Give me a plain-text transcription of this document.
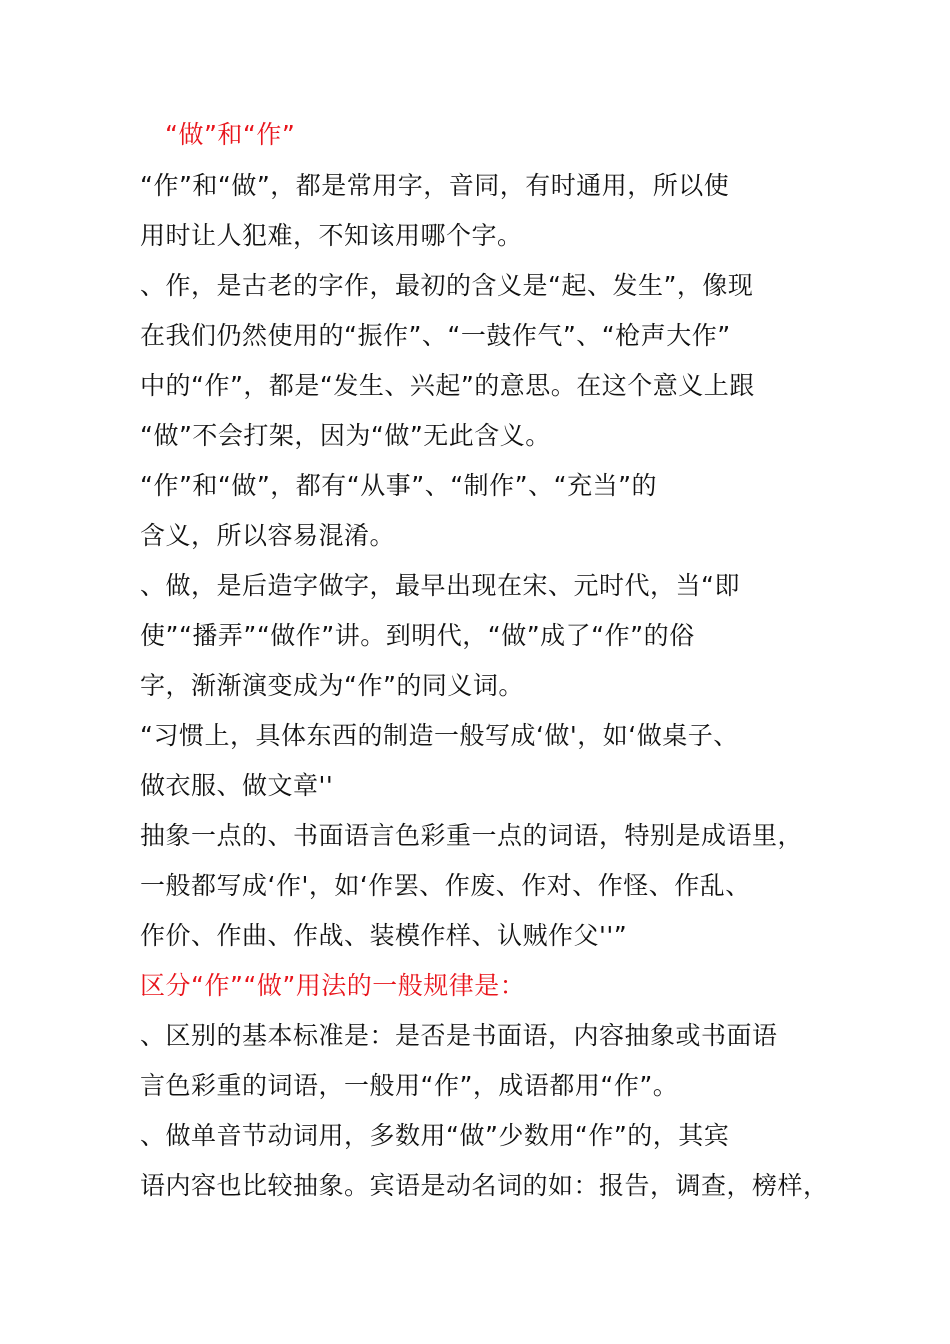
“做”和“作”
“作”和“做”，都是常用字，音同，有时通用，所以使
用时让人犯难，不知该用哪个字。
、作，是古老的字作，最初的含义是“起、发生”，像现
在我们仍然使用的“振作”、“一鼓作气”、“枪声大作”
中的“作”，都是“发生、兴起”的意思。在这个意义上跟
“做”不会打架，因为“做”无此含义。
“作”和“做”，都有“从事”、“制作”、“充当”的
含义，所以容易混淆。
、做，是后造字做字，最早出现在宋、元时代，当“即
使”“播弄”“做作”讲。到明代，“做”成了“作”的俗
字，渐渐演变成为“作”的同义词。
“习惯上，具体东西的制造一般写成‘做'，如‘做桌子、
做衣服、做文章''
抽象一点的、书面语言色彩重一点的词语，特别是成语里，
一般都写成‘作'，如‘作罢、作废、作对、作怪、作乱、
作价、作曲、作战、装模作样、认贼作父''”
区分“作”“做”用法的一般规律是：
、区别的基本标准是：是否是书面语，内容抽象或书面语
言色彩重的词语，一般用“作”，成语都用“作”。
、做单音节动词用，多数用“做”少数用“作”的，其宾
语内容也比较抽象。宾语是动名词的如：报告，调查，榜样，
